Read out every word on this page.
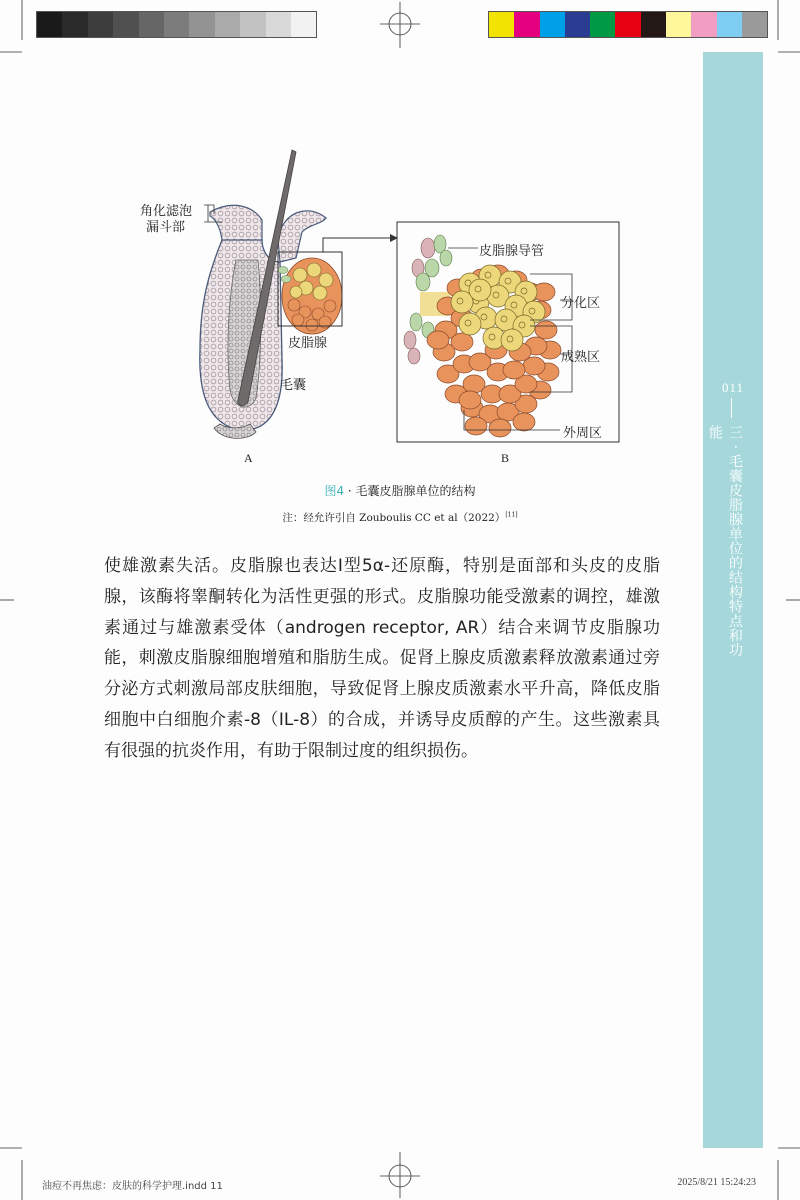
011
三 · 毛囊皮脂腺单位的结构特点和功能
角化滤泡
漏斗部
皮脂腺
毛囊
皮脂腺导管
分化区
成熟区
外周区
A	B
图4 · 毛囊皮脂腺单位的结构
注：经允许引自 Zouboulis CC et al（2022）[11]

使雄激素失活。皮脂腺也表达Ⅰ型5α-还原酶，特别是面部和头皮的皮脂腺，该酶将睾酮转化为活性更强的形式。皮脂腺功能受激素的调控，雄激素通过与雄激素受体（androgen receptor, AR）结合来调节皮脂腺功能，刺激皮脂腺细胞增殖和脂肪生成。促肾上腺皮质激素释放激素通过旁分泌方式刺激局部皮肤细胞，导致促肾上腺皮质激素水平升高，降低皮脂细胞中白细胞介素-8（IL-8）的合成，并诱导皮质醇的产生。这些激素具有很强的抗炎作用，有助于限制过度的组织损伤。

油痘不再焦虑：皮肤的科学护理.indd 11	2025/8/21 15:24:23
